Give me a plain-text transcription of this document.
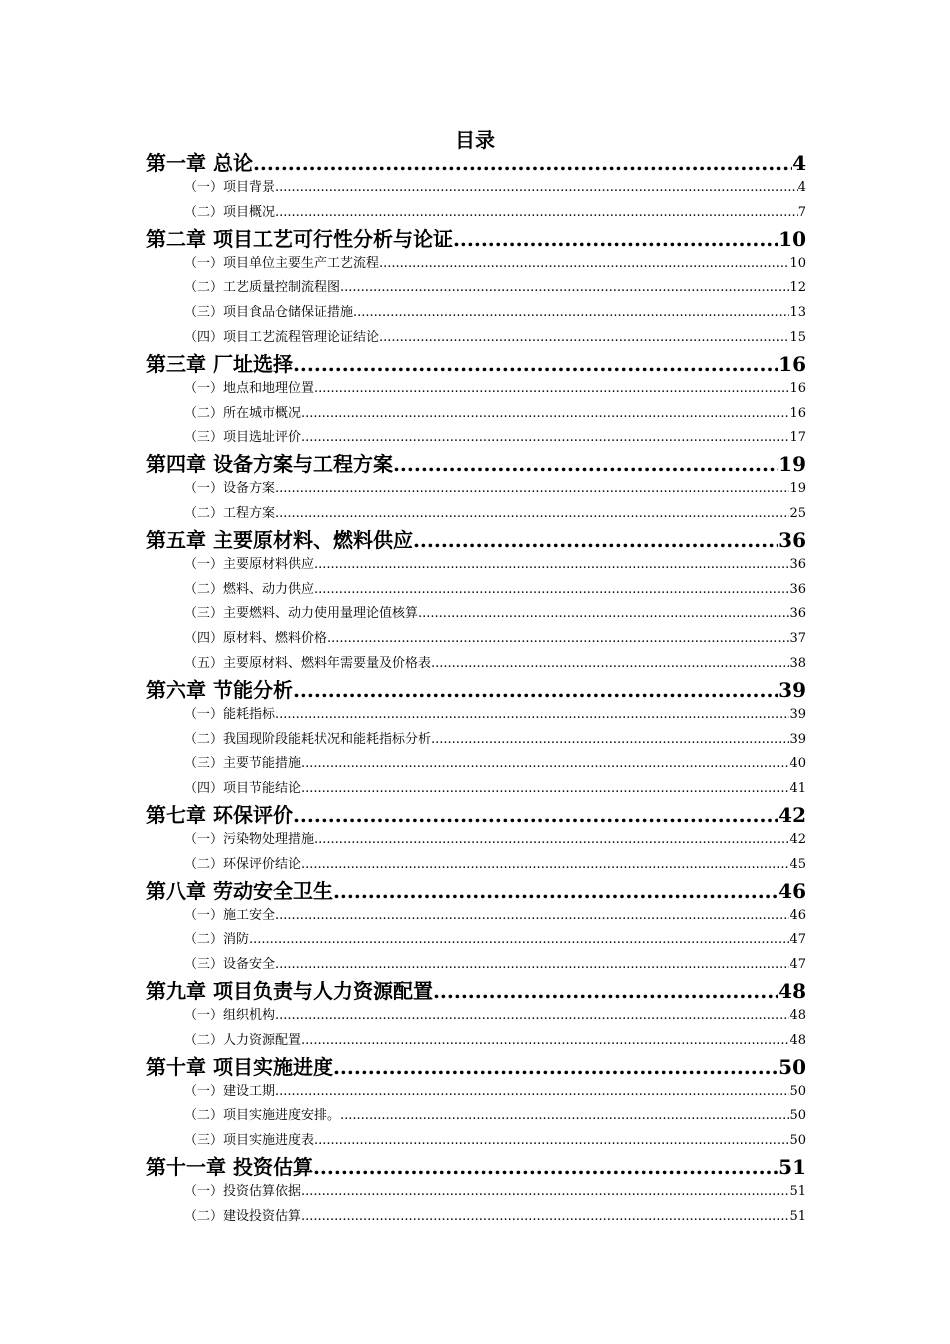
目录
第一章 总论 .....	4
（一）项目背景 .....	4
（二）项目概况 .....	7
第二章 项目工艺可行性分析与论证 .....	10
（一）项目单位主要生产工艺流程 .....	10
（二）工艺质量控制流程图 .....	12
（三）项目食品仓储保证措施 .....	13
（四）项目工艺流程管理论证结论 .....	15
第三章 厂址选择 .....	16
（一）地点和地理位置 .....	16
（二）所在城市概况 .....	16
（三）项目选址评价 .....	17
第四章 设备方案与工程方案 .....	19
（一）设备方案 .....	19
（二）工程方案 .....	25
第五章 主要原材料、燃料供应 .....	36
（一）主要原材料供应 .....	36
（二）燃料、动力供应 .....	36
（三）主要燃料、动力使用量理论值核算 .....	36
（四）原材料、燃料价格 .....	37
（五）主要原材料、燃料年需要量及价格表 .....	38
第六章 节能分析 .....	39
（一）能耗指标 .....	39
（二）我国现阶段能耗状况和能耗指标分析 .....	39
（三）主要节能措施 .....	40
（四）项目节能结论 .....	41
第七章 环保评价 .....	42
（一）污染物处理措施 .....	42
（二）环保评价结论 .....	45
第八章 劳动安全卫生 .....	46
（一）施工安全 .....	46
（二）消防 .....	47
（三）设备安全 .....	47
第九章 项目负责与人力资源配置 .....	48
（一）组织机构 .....	48
（二）人力资源配置 .....	48
第十章 项目实施进度 .....	50
（一）建设工期 .....	50
（二）项目实施进度安排。 .....	50
（三）项目实施进度表 .....	50
第十一章 投资估算 .....	51
（一）投资估算依据 .....	51
（二）建设投资估算 .....	51
